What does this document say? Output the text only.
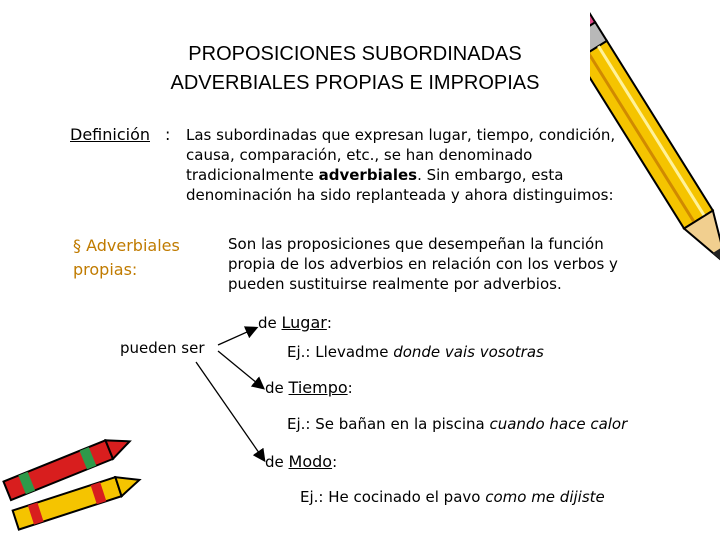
PROPOSICIONES SUBORDINADAS
ADVERBIALES PROPIAS E IMPROPIAS
Definición : Las subordinadas que expresan lugar, tiempo, condición,
causa, comparación, etc., se han denominado
tradicionalmente adverbiales. Sin embargo, esta
denominación ha sido replanteada y ahora distinguimos:
§ Adverbiales
propias:
Son las proposiciones que desempeñan la función
propia de los adverbios en relación con los verbos y
pueden sustituirse realmente por adverbios.
pueden ser
de Lugar:
Ej.: Llevadme donde vais vosotras
de Tiempo:
Ej.: Se bañan en la piscina cuando hace calor
de Modo:
Ej.: He cocinado el pavo como me dijiste
